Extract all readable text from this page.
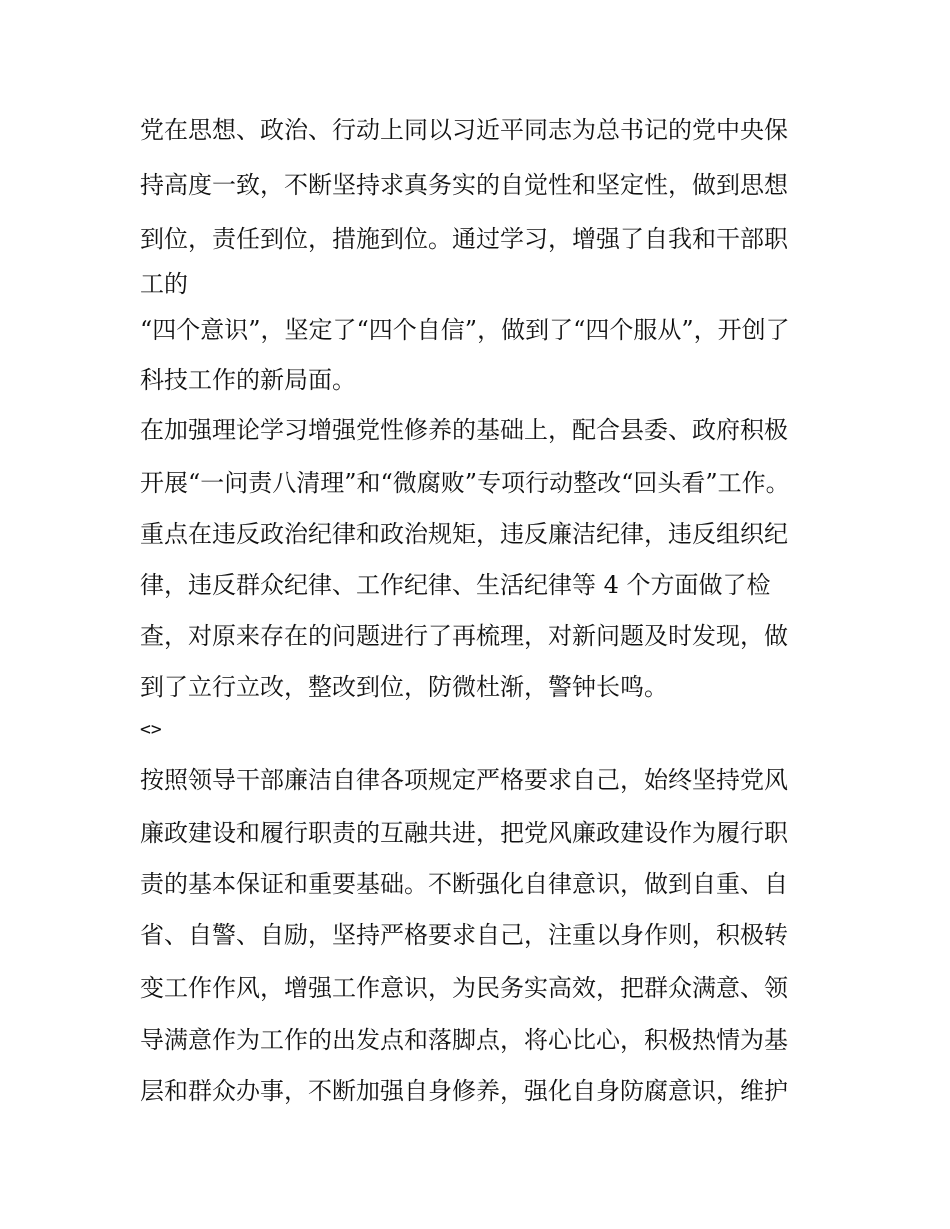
党在思想、政治、行动上同以习近平同志为总书记的党中央保
持高度一致，不断坚持求真务实的自觉性和坚定性，做到思想
到位，责任到位，措施到位。通过学习，增强了自我和干部职
工的
“四个意识”，坚定了“四个自信”，做到了“四个服从”，开创了
科技工作的新局面。
在加强理论学习增强党性修养的基础上，配合县委、政府积极
开展“一问责八清理”和“微腐败”专项行动整改“回头看”工作。
重点在违反政治纪律和政治规矩，违反廉洁纪律，违反组织纪
律，违反群众纪律、工作纪律、生活纪律等 4 个方面做了检
查，对原来存在的问题进行了再梳理，对新问题及时发现，做
到了立行立改，整改到位，防微杜渐，警钟长鸣。
<>
按照领导干部廉洁自律各项规定严格要求自己，始终坚持党风
廉政建设和履行职责的互融共进，把党风廉政建设作为履行职
责的基本保证和重要基础。不断强化自律意识，做到自重、自
省、自警、自励，坚持严格要求自己，注重以身作则，积极转
变工作作风，增强工作意识，为民务实高效，把群众满意、领
导满意作为工作的出发点和落脚点，将心比心，积极热情为基
层和群众办事，不断加强自身修养，强化自身防腐意识，维护
